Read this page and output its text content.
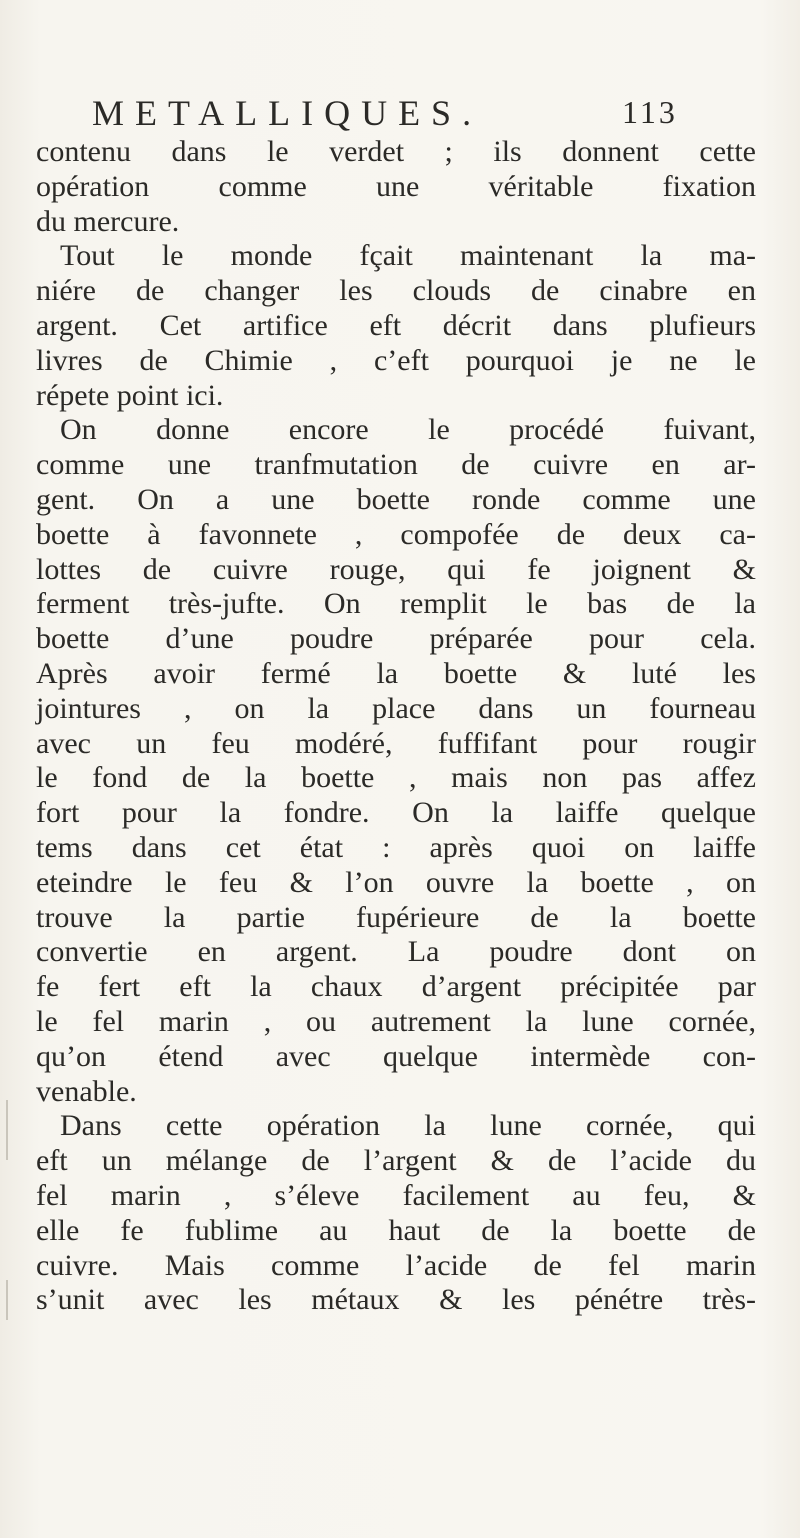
METALLIQUES.	113
contenu dans le verdet ; ils donnent cette
opération comme une véritable fixation
du mercure.
Tout le monde fçait maintenant la ma-
niére de changer les clouds de cinabre en
argent. Cet artifice eft décrit dans plufieurs
livres de Chimie , c’eft pourquoi je ne le
répete point ici.
On donne encore le procédé fuivant,
comme une tranfmutation de cuivre en ar-
gent. On a une boette ronde comme une
boette à favonnete , compofée de deux ca-
lottes de cuivre rouge, qui fe joignent &
ferment très-jufte. On remplit le bas de la
boette d’une poudre préparée pour cela.
Après avoir fermé la boette & luté les
jointures , on la place dans un fourneau
avec un feu modéré, fuffifant pour rougir
le fond de la boette , mais non pas affez
fort pour la fondre. On la laiffe quelque
tems dans cet état : après quoi on laiffe
eteindre le feu & l’on ouvre la boette , on
trouve la partie fupérieure de la boette
convertie en argent. La poudre dont on
fe fert eft la chaux d’argent précipitée par
le fel marin , ou autrement la lune cornée,
qu’on étend avec quelque intermède con-
venable.
Dans cette opération la lune cornée, qui
eft un mélange de l’argent & de l’acide du
fel marin , s’éleve facilement au feu, &
elle fe fublime au haut de la boette de
cuivre. Mais comme l’acide de fel marin
s’unit avec les métaux & les pénétre très-
